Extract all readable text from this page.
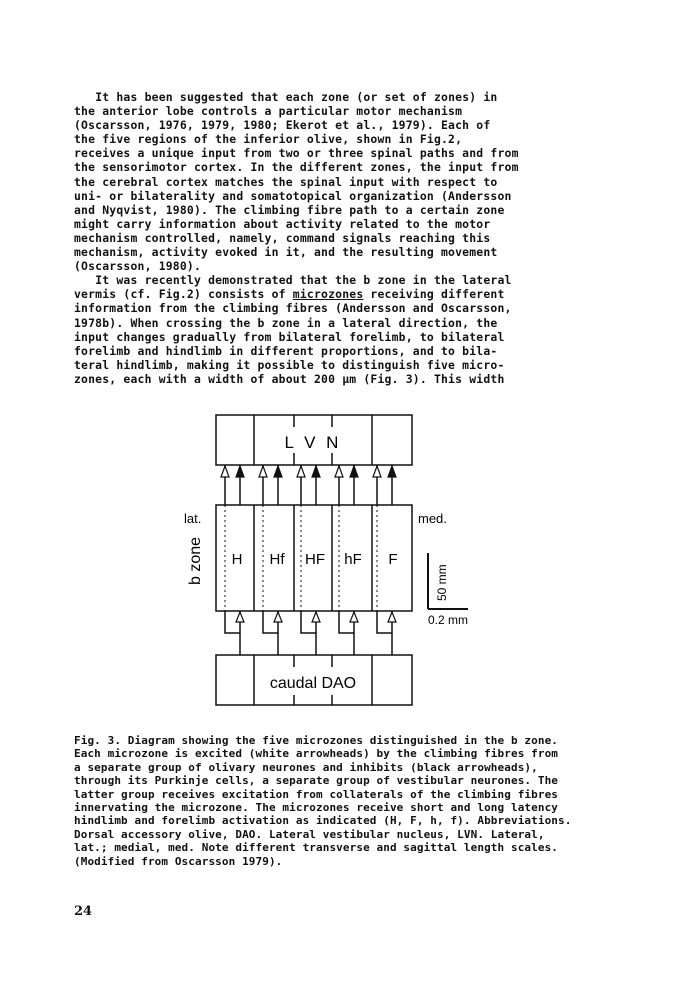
It has been suggested that each zone (or set of zones) in
the anterior lobe controls a particular motor mechanism
(Oscarsson, 1976, 1979, 1980; Ekerot et al., 1979). Each of
the five regions of the inferior olive, shown in Fig.2,
receives a unique input from two or three spinal paths and from
the sensorimotor cortex. In the different zones, the input from
the cerebral cortex matches the spinal input with respect to
uni- or bilaterality and somatotopical organization (Andersson
and Nyqvist, 1980). The climbing fibre path to a certain zone
might carry information about activity related to the motor
mechanism controlled, namely, command signals reaching this
mechanism, activity evoked in it, and the resulting movement
(Oscarsson, 1980).

It was recently demonstrated that the b zone in the lateral
vermis (cf. Fig.2) consists of microzones receiving different
information from the climbing fibres (Andersson and Oscarsson,
1978b). When crossing the b zone in a lateral direction, the
input changes gradually from bilateral forelimb, to bilateral
forelimb and hindlimb in different proportions, and to bila-
teral hindlimb, making it possible to distinguish five micro-
zones, each with a width of about 200 µm (Fig. 3). This width

L V N
H Hf HF hF F
lat.	med.
b zone	50 mm
0.2 mm
caudal DAO

Fig. 3. Diagram showing the five microzones distinguished in the b zone.
Each microzone is excited (white arrowheads) by the climbing fibres from
a separate group of olivary neurones and inhibits (black arrowheads),
through its Purkinje cells, a separate group of vestibular neurones. The
latter group receives excitation from collaterals of the climbing fibres
innervating the microzone. The microzones receive short and long latency
hindlimb and forelimb activation as indicated (H, F, h, f). Abbreviations.
Dorsal accessory olive, DAO. Lateral vestibular nucleus, LVN. Lateral,
lat.; medial, med. Note different transverse and sagittal length scales.
(Modified from Oscarsson 1979).

24
